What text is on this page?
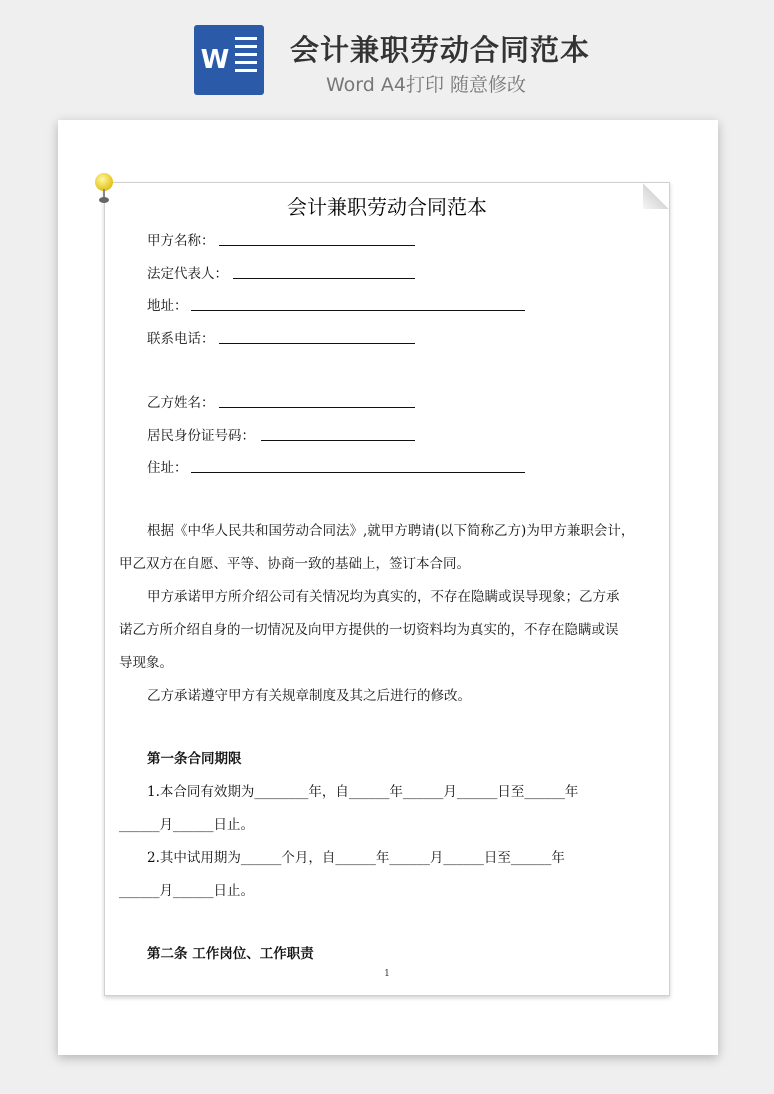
W 会计兼职劳动合同范本
Word A4打印 随意修改
会计兼职劳动合同范本
甲方名称：
法定代表人：
地址：
联系电话：
乙方姓名：
居民身份证号码：
住址：
根据《中华人民共和国劳动合同法》,就甲方聘请(以下简称乙方)为甲方兼职会计，
甲乙双方在自愿、平等、协商一致的基础上，签订本合同。
甲方承诺甲方所介绍公司有关情况均为真实的，不存在隐瞒或误导现象；乙方承
诺乙方所介绍自身的一切情况及向甲方提供的一切资料均为真实的，不存在隐瞒或误
导现象。
乙方承诺遵守甲方有关规章制度及其之后进行的修改。
第一条合同期限
1.本合同有效期为________年，自______年______月______日至______年
______月______日止。
2.其中试用期为______个月，自______年______月______日至______年
______月______日止。
第二条 工作岗位、工作职责
1
